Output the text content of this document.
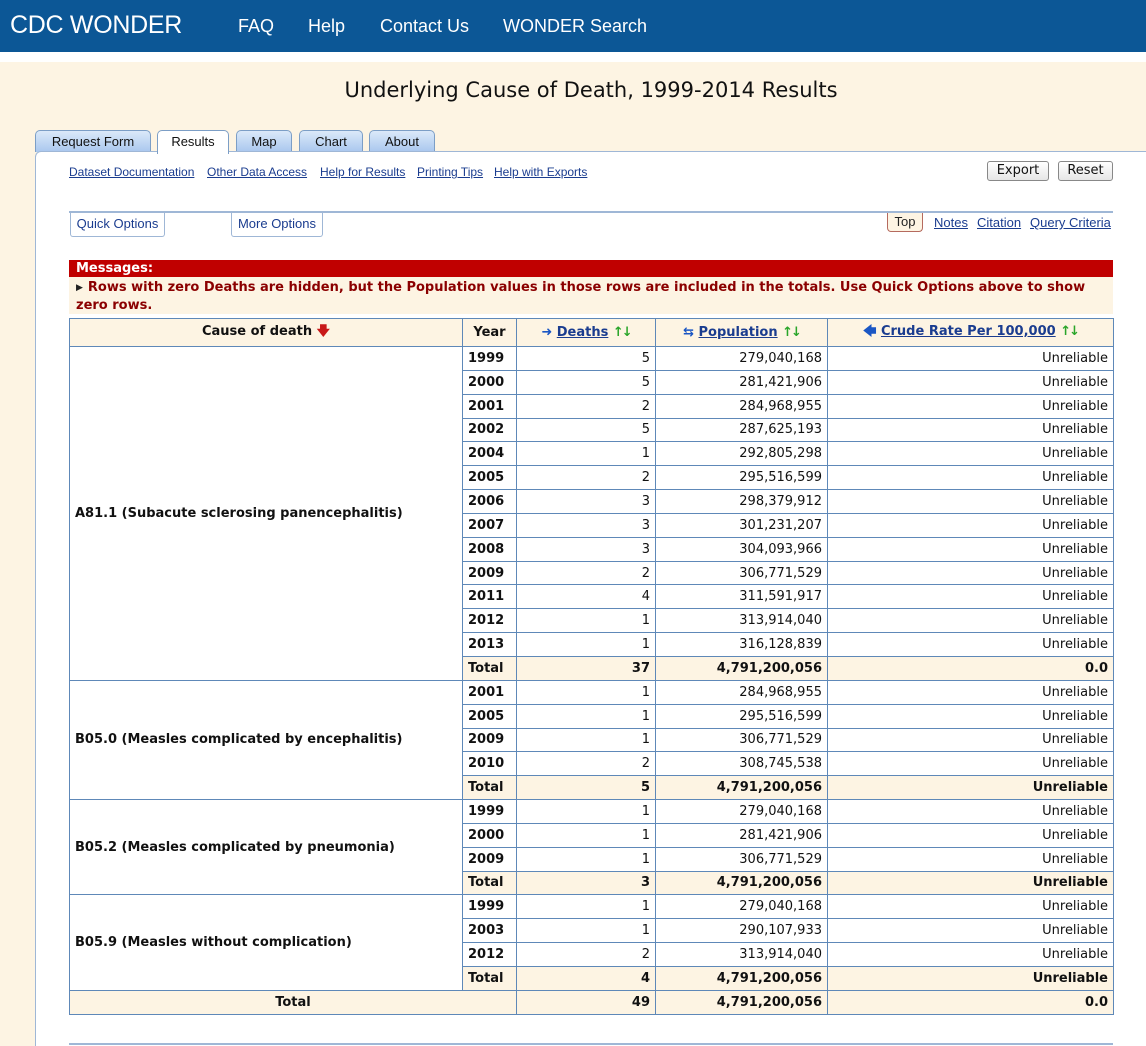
CDC WONDER	FAQ Help Contact Us WONDER Search
Underlying Cause of Death, 1999-2014 Results
Request Form	Results	Map	Chart	About
Dataset Documentation Other Data Access Help for Results Printing Tips Help with Exports	Export	Reset
Quick Options	More Options	Top	Notes Citation Query Criteria
Messages:
▶ Rows with zero Deaths are hidden, but the Population values in those rows are included in the totals. Use Quick Options above to show zero rows.
Cause of death 🡇	Year	➜ Deaths ↑↓	⇆ Population ↑↓	🡄 Crude Rate Per 100,000 ↑↓
A81.1 (Subacute sclerosing panencephalitis)	1999	5	279,040,168	Unreliable
	2000	5	281,421,906	Unreliable
	2001	2	284,968,955	Unreliable
	2002	5	287,625,193	Unreliable
	2004	1	292,805,298	Unreliable
	2005	2	295,516,599	Unreliable
	2006	3	298,379,912	Unreliable
	2007	3	301,231,207	Unreliable
	2008	3	304,093,966	Unreliable
	2009	2	306,771,529	Unreliable
	2011	4	311,591,917	Unreliable
	2012	1	313,914,040	Unreliable
	2013	1	316,128,839	Unreliable
	Total	37	4,791,200,056	0.0
B05.0 (Measles complicated by encephalitis)	2001	1	284,968,955	Unreliable
	2005	1	295,516,599	Unreliable
	2009	1	306,771,529	Unreliable
	2010	2	308,745,538	Unreliable
	Total	5	4,791,200,056	Unreliable
B05.2 (Measles complicated by pneumonia)	1999	1	279,040,168	Unreliable
	2000	1	281,421,906	Unreliable
	2009	1	306,771,529	Unreliable
	Total	3	4,791,200,056	Unreliable
B05.9 (Measles without complication)	1999	1	279,040,168	Unreliable
	2003	1	290,107,933	Unreliable
	2012	2	313,914,040	Unreliable
	Total	4	4,791,200,056	Unreliable
Total		49	4,791,200,056	0.0
